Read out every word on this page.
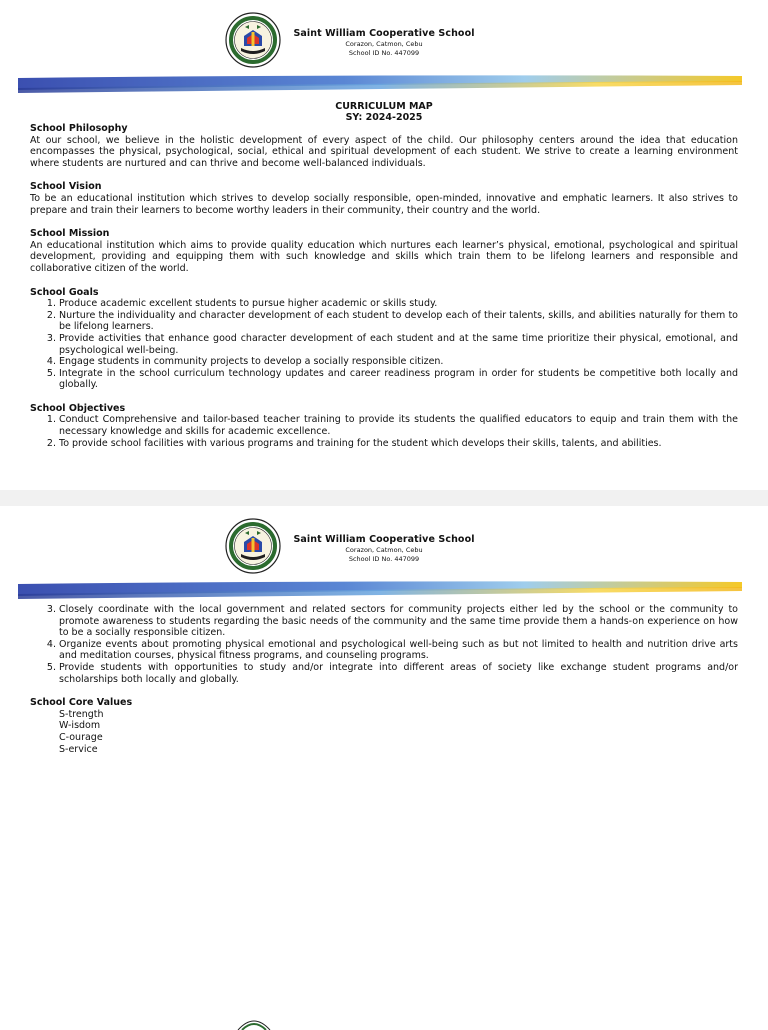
Saint William Cooperative School
Corazon, Catmon, Cebu
School ID No. 447099
CURRICULUM MAP
SY: 2024-2025
School Philosophy

At our school, we believe in the holistic development of every aspect of the child. Our philosophy centers around the idea that education encompasses the physical, psychological, social, ethical and spiritual development of each student. We strive to create a learning environment where students are nurtured and can thrive and become well-balanced individuals.

School Vision

To be an educational institution which strives to develop socially responsible, open-minded, innovative and emphatic learners. It also strives to prepare and train their learners to become worthy leaders in their community, their country and the world.

School Mission

An educational institution which aims to provide quality education which nurtures each learner’s physical, emotional, psychological and spiritual development, providing and equipping them with such knowledge and skills which train them to be lifelong learners and responsible and collaborative citizen of the world.

School Goals
1. Produce academic excellent students to pursue higher academic or skills study.
2. Nurture the individuality and character development of each student to develop each of their talents, skills, and abilities naturally for them to be lifelong learners.
3. Provide activities that enhance good character development of each student and at the same time prioritize their physical, emotional, and psychological well-being.
4. Engage students in community projects to develop a socially responsible citizen.
5. Integrate in the school curriculum technology updates and career readiness program in order for students be competitive both locally and globally.
School Objectives
1. Conduct Comprehensive and tailor-based teacher training to provide its students the qualified educators to equip and train them with the necessary knowledge and skills for academic excellence.
2. To provide school facilities with various programs and training for the student which develops their skills, talents, and abilities.
Saint William Cooperative School
Corazon, Catmon, Cebu
School ID No. 447099
3. Closely coordinate with the local government and related sectors for community projects either led by the school or the community to promote awareness to students regarding the basic needs of the community and the same time provide them a hands-on experience on how to be a socially responsible citizen.
4. Organize events about promoting physical emotional and psychological well-being such as but not limited to health and nutrition drive arts and meditation courses, physical fitness programs, and counseling programs.
5. Provide students with opportunities to study and/or integrate into different areas of society like exchange student programs and/or scholarships both locally and globally.
School Core Values
S-trength
W-isdom
C-ourage
S-ervice
